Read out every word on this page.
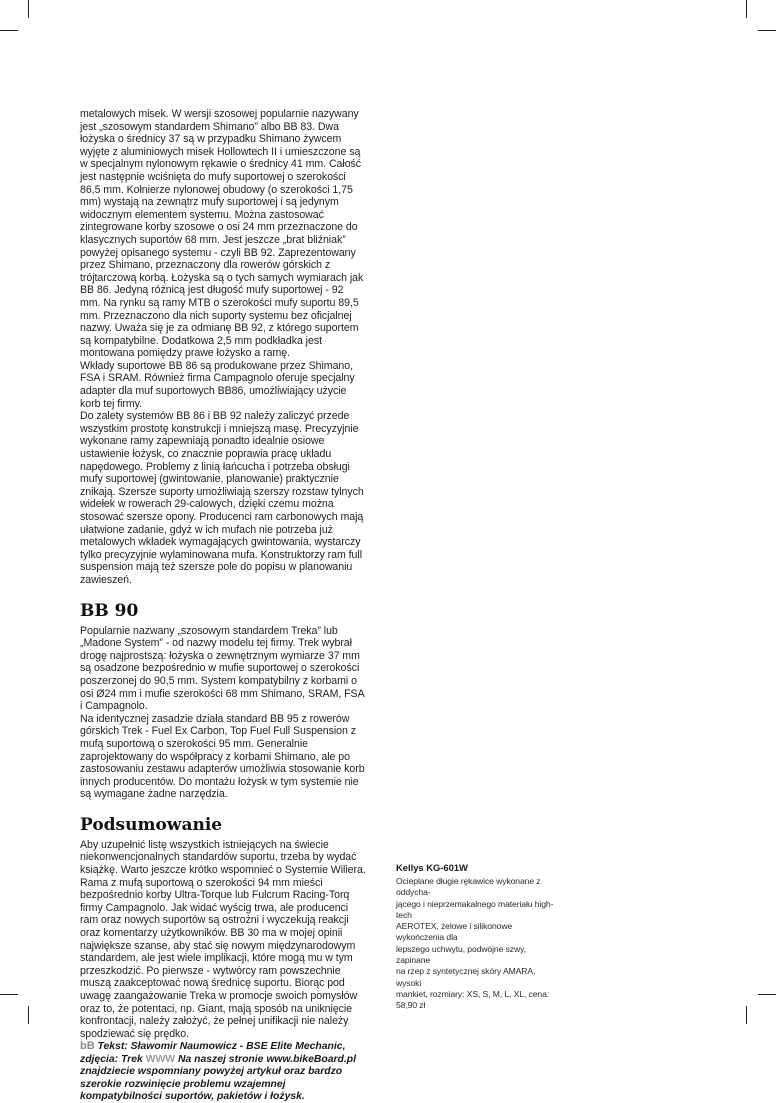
metalowych misek. W wersji szosowej popularnie nazywany jest „szosowym standardem Shimano” albo BB 83. Dwa łożyska o średnicy 37 są w przypadku Shimano żywcem wyjęte z aluminiowych misek Hollowtech II i umieszczone są w specjalnym nylonowym rękawie o średnicy 41 mm. Całość jest następnie wciśnięta do mufy suportowej o szerokości 86,5 mm. Kołnierze nylonowej obudowy (o szerokości 1,75 mm) wystają na zewnątrz mufy suportowej i są jedynym widocznym elementem systemu. Można zastosować zintegrowane korby szosowe o osi 24 mm przeznaczone do klasycznych suportów 68 mm. Jest jeszcze „brat bliźniak” powyżej opisanego systemu - czyli BB 92. Zaprezentowany przez Shimano, przeznaczony dla rowerów górskich z trójtarczową korbą. Łożyska są o tych samych wymiarach jak BB 86. Jedyną różnicą jest długość mufy suportowej - 92 mm. Na rynku są ramy MTB o szerokości mufy suportu 89,5 mm. Przeznaczono dla nich suporty systemu bez oficjalnej nazwy. Uważa się je za odmianę BB 92, z którego suportem są kompatybilne. Dodatkowa 2,5 mm podkładka jest montowana pomiędzy prawe łożysko a ramę.

Wkłady suportowe BB 86 są produkowane przez Shimano, FSA i SRAM. Również firma Campagnolo oferuje specjalny adapter dla muf suportowych BB86, umożliwiający użycie korb tej firmy.

Do zalety systemów BB 86 i BB 92 należy zaliczyć przede wszystkim prostotę konstrukcji i mniejszą masę. Precyzyjnie wykonane ramy zapewniają ponadto idealnie osiowe ustawienie łożysk, co znacznie poprawia pracę układu napędowego. Problemy z linią łańcucha i potrzeba obsługi mufy suportowej (gwintowanie, planowanie) praktycznie znikają. Szersze suporty umożliwiają szerszy rozstaw tylnych widełek w rowerach 29-calowych, dzięki czemu można stosować szersze opony. Producenci ram carbonowych mają ułatwione zadanie, gdyż w ich mufach nie potrzeba już metalowych wkładek wymagających gwintowania, wystarczy tylko precyzyjnie wylaminowana mufa. Konstruktorzy ram full suspension mają też szersze pole do popisu w planowaniu zawieszeń.

BB 90

Popularnie nazwany „szosowym standardem Treka” lub „Madone System” - od nazwy modelu tej firmy. Trek wybrał drogę najprostszą: łożyska o zewnętrznym wymiarze 37 mm są osadzone bezpośrednio w mufie suportowej o szerokości poszerzonej do 90,5 mm. System kompatybilny z korbami o osi Ø24 mm i mufie szerokości 68 mm Shimano, SRAM, FSA i Campagnolo.

Na identycznej zasadzie działa standard BB 95 z rowerów górskich Trek - Fuel Ex Carbon, Top Fuel Full Suspension z mufą suportową o szerokości 95 mm. Generalnie zaprojektowany do współpracy z korbami Shimano, ale po zastosowaniu zestawu adapterów umożliwia stosowanie korb innych producentów. Do montażu łożysk w tym systemie nie są wymagane żadne narzędzia.

Podsumowanie

Aby uzupełnić listę wszystkich istniejących na świecie niekonwencjonalnych standardów suportu, trzeba by wydać książkę. Warto jeszcze krótko wspomnieć o Systemie Wiliera. Rama z mufą suportową o szerokości 94 mm mieści bezpośrednio korby Ultra-Torque lub Fulcrum Racing-Torq firmy Campagnolo. Jak widać wyścig trwa, ale producenci ram oraz nowych suportów są ostrożni i wyczekują reakcji oraz komentarzy użytkowników. BB 30 ma w mojej opinii największe szanse, aby stać się nowym międzynarodowym standardem, ale jest wiele implikacji, które mogą mu w tym przeszkodzić. Po pierwsze - wytwórcy ram powszechnie muszą zaakceptować nową średnicę suportu. Biorąc pod uwagę zaangażowanie Treka w promocje swoich pomysłów oraz to, że potentaci, np. Giant, mają sposób na uniknięcie konfrontacji, należy założyć, że pełnej unifikacji nie należy spodziewać się prędko.

bB Tekst: Sławomir Naumowicz - BSE Elite Mechanic, zdjęcia: Trek WWW Na naszej stronie www.bikeBoard.pl znajdziecie wspomniany powyżej artykuł oraz bardzo szerokie rozwinięcie problemu wzajemnej kompatybilności suportów, pakietów i łożysk.

Kellys KG-601W
Ocieplane długie rękawice wykonane z oddycha-
jącego i nieprzemakalnego materiału high-tech
AEROTEX, żelowe i silikonowe wykończenia dla
lepszego uchwytu, podwójne szwy, zapinane
na rzep z syntetycznej skóry AMARA, wysoki
mankiet, rozmiary: XS, S, M, L, XL, cena: 58,90 zł
